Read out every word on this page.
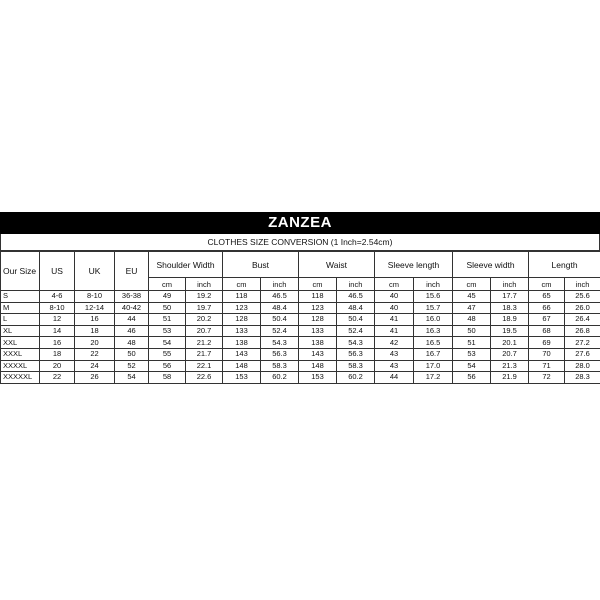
ZANZEA
CLOTHES SIZE CONVERSION (1 Inch=2.54cm)
Our Size	US	UK	EU	Shoulder Width		Bust		Waist		Sleeve length		Sleeve width		Length	
				cm	inch	cm	inch	cm	inch	cm	inch	cm	inch	cm	inch
S	4-6	8-10	36-38	49	19.2	118	46.5	118	46.5	40	15.6	45	17.7	65	25.6
M	8-10	12-14	40-42	50	19.7	123	48.4	123	48.4	40	15.7	47	18.3	66	26.0
L	12	16	44	51	20.2	128	50.4	128	50.4	41	16.0	48	18.9	67	26.4
XL	14	18	46	53	20.7	133	52.4	133	52.4	41	16.3	50	19.5	68	26.8
XXL	16	20	48	54	21.2	138	54.3	138	54.3	42	16.5	51	20.1	69	27.2
XXXL	18	22	50	55	21.7	143	56.3	143	56.3	43	16.7	53	20.7	70	27.6
XXXXL	20	24	52	56	22.1	148	58.3	148	58.3	43	17.0	54	21.3	71	28.0
XXXXXL	22	26	54	58	22.6	153	60.2	153	60.2	44	17.2	56	21.9	72	28.3
